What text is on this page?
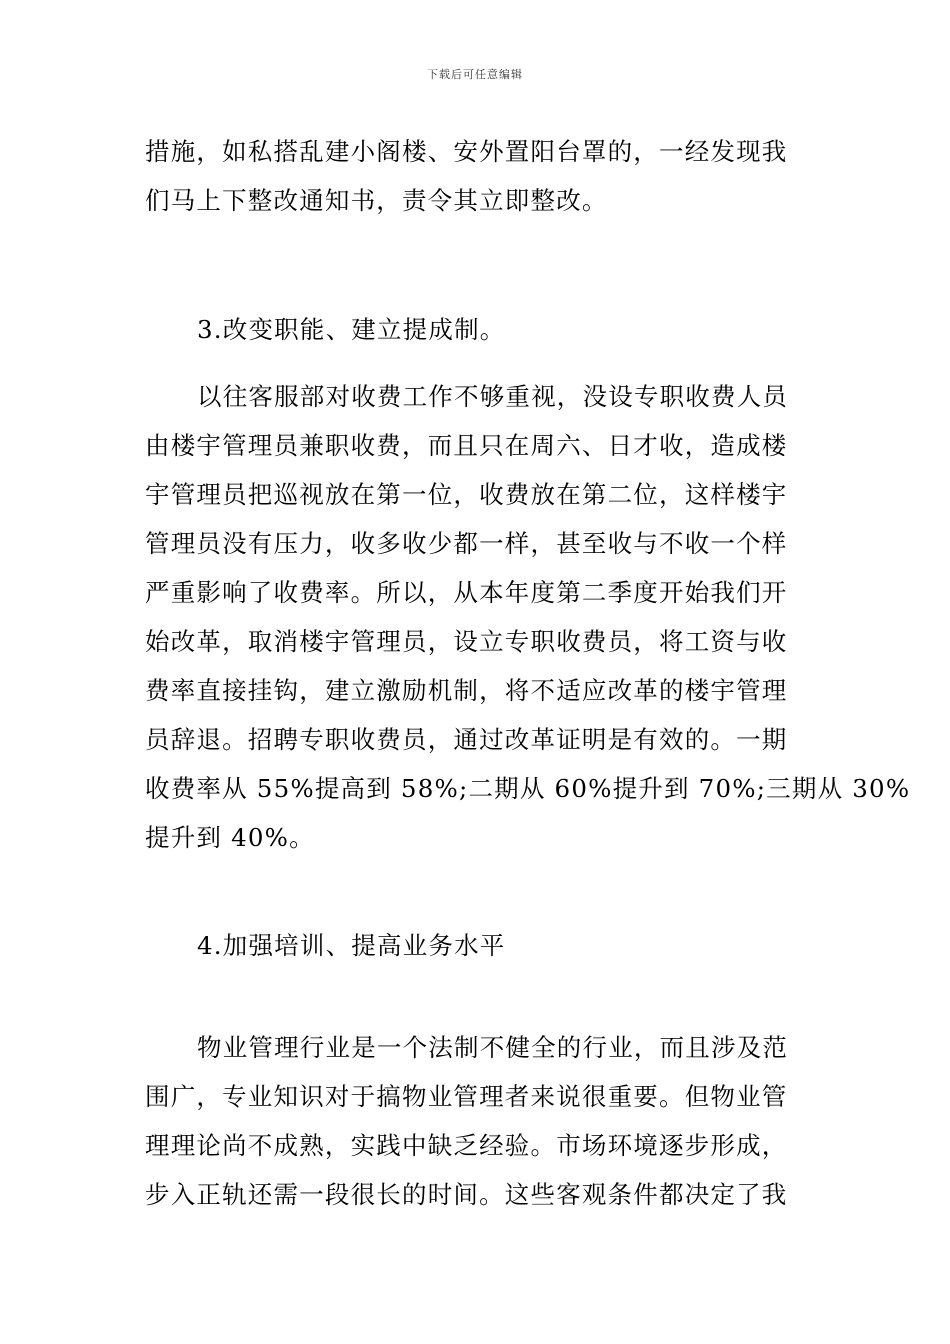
下载后可任意编辑
措施，如私搭乱建小阁楼、安外置阳台罩的，一经发现我
们马上下整改通知书，责令其立即整改。
3.改变职能、建立提成制。
以往客服部对收费工作不够重视，没设专职收费人员
由楼宇管理员兼职收费，而且只在周六、日才收，造成楼
宇管理员把巡视放在第一位，收费放在第二位，这样楼宇
管理员没有压力，收多收少都一样，甚至收与不收一个样
严重影响了收费率。所以，从本年度第二季度开始我们开
始改革，取消楼宇管理员，设立专职收费员，将工资与收
费率直接挂钩，建立激励机制，将不适应改革的楼宇管理
员辞退。招聘专职收费员，通过改革证明是有效的。一期
收费率从 55%提高到 58%;二期从 60%提升到 70%;三期从 30%
提升到 40%。
4.加强培训、提高业务水平
物业管理行业是一个法制不健全的行业，而且涉及范
围广，专业知识对于搞物业管理者来说很重要。但物业管
理理论尚不成熟，实践中缺乏经验。市场环境逐步形成，
步入正轨还需一段很长的时间。这些客观条件都决定了我
